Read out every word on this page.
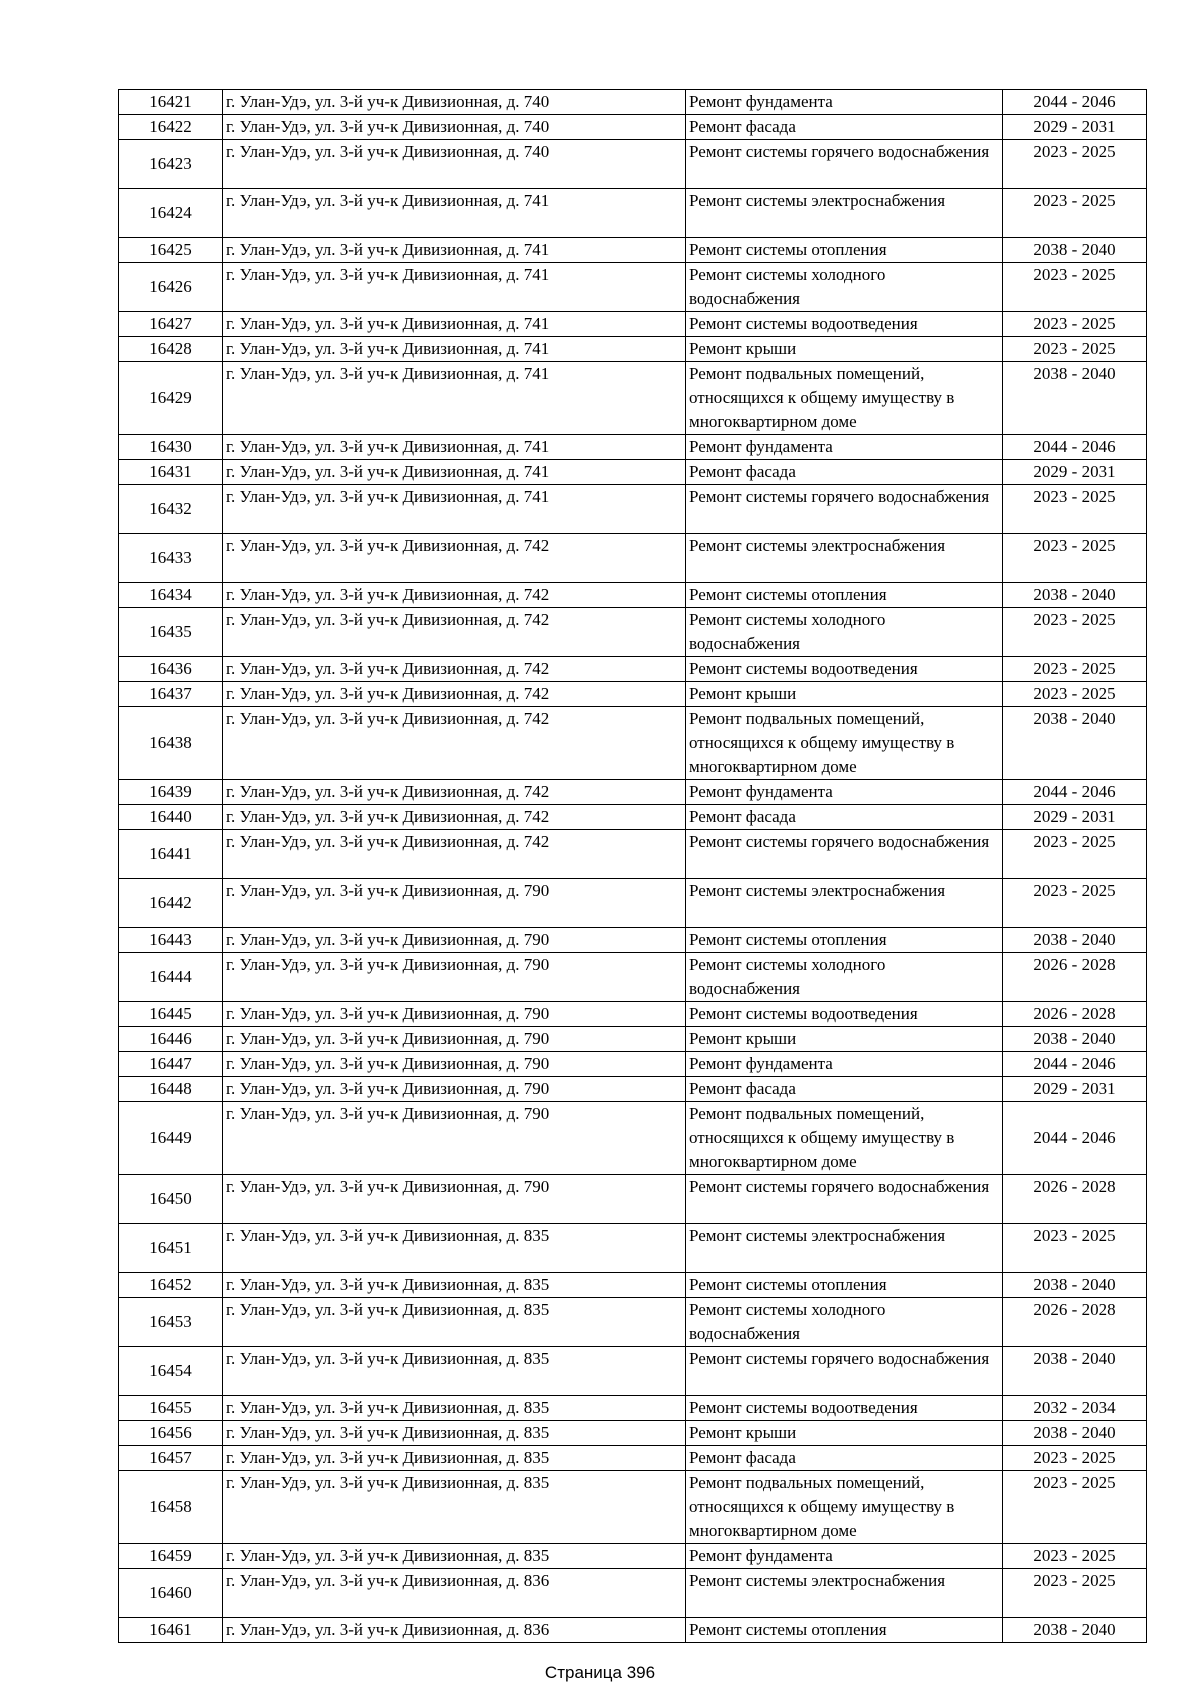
16421	г. Улан-Удэ, ул. 3-й уч-к Дивизионная, д. 740	Ремонт фундамента	2044 - 2046
16422	г. Улан-Удэ, ул. 3-й уч-к Дивизионная, д. 740	Ремонт фасада	2029 - 2031
16423	г. Улан-Удэ, ул. 3-й уч-к Дивизионная, д. 740	Ремонт системы горячего водоснабжения	2023 - 2025
16424	г. Улан-Удэ, ул. 3-й уч-к Дивизионная, д. 741	Ремонт системы электроснабжения	2023 - 2025
16425	г. Улан-Удэ, ул. 3-й уч-к Дивизионная, д. 741	Ремонт системы отопления	2038 - 2040
16426	г. Улан-Удэ, ул. 3-й уч-к Дивизионная, д. 741	Ремонт системы холодного водоснабжения	2023 - 2025
16427	г. Улан-Удэ, ул. 3-й уч-к Дивизионная, д. 741	Ремонт системы водоотведения	2023 - 2025
16428	г. Улан-Удэ, ул. 3-й уч-к Дивизионная, д. 741	Ремонт крыши	2023 - 2025
16429	г. Улан-Удэ, ул. 3-й уч-к Дивизионная, д. 741	Ремонт подвальных помещений, относящихся к общему имуществу в многоквартирном доме	2038 - 2040
16430	г. Улан-Удэ, ул. 3-й уч-к Дивизионная, д. 741	Ремонт фундамента	2044 - 2046
16431	г. Улан-Удэ, ул. 3-й уч-к Дивизионная, д. 741	Ремонт фасада	2029 - 2031
16432	г. Улан-Удэ, ул. 3-й уч-к Дивизионная, д. 741	Ремонт системы горячего водоснабжения	2023 - 2025
16433	г. Улан-Удэ, ул. 3-й уч-к Дивизионная, д. 742	Ремонт системы электроснабжения	2023 - 2025
16434	г. Улан-Удэ, ул. 3-й уч-к Дивизионная, д. 742	Ремонт системы отопления	2038 - 2040
16435	г. Улан-Удэ, ул. 3-й уч-к Дивизионная, д. 742	Ремонт системы холодного водоснабжения	2023 - 2025
16436	г. Улан-Удэ, ул. 3-й уч-к Дивизионная, д. 742	Ремонт системы водоотведения	2023 - 2025
16437	г. Улан-Удэ, ул. 3-й уч-к Дивизионная, д. 742	Ремонт крыши	2023 - 2025
16438	г. Улан-Удэ, ул. 3-й уч-к Дивизионная, д. 742	Ремонт подвальных помещений, относящихся к общему имуществу в многоквартирном доме	2038 - 2040
16439	г. Улан-Удэ, ул. 3-й уч-к Дивизионная, д. 742	Ремонт фундамента	2044 - 2046
16440	г. Улан-Удэ, ул. 3-й уч-к Дивизионная, д. 742	Ремонт фасада	2029 - 2031
16441	г. Улан-Удэ, ул. 3-й уч-к Дивизионная, д. 742	Ремонт системы горячего водоснабжения	2023 - 2025
16442	г. Улан-Удэ, ул. 3-й уч-к Дивизионная, д. 790	Ремонт системы электроснабжения	2023 - 2025
16443	г. Улан-Удэ, ул. 3-й уч-к Дивизионная, д. 790	Ремонт системы отопления	2038 - 2040
16444	г. Улан-Удэ, ул. 3-й уч-к Дивизионная, д. 790	Ремонт системы холодного водоснабжения	2026 - 2028
16445	г. Улан-Удэ, ул. 3-й уч-к Дивизионная, д. 790	Ремонт системы водоотведения	2026 - 2028
16446	г. Улан-Удэ, ул. 3-й уч-к Дивизионная, д. 790	Ремонт крыши	2038 - 2040
16447	г. Улан-Удэ, ул. 3-й уч-к Дивизионная, д. 790	Ремонт фундамента	2044 - 2046
16448	г. Улан-Удэ, ул. 3-й уч-к Дивизионная, д. 790	Ремонт фасада	2029 - 2031
16449	г. Улан-Удэ, ул. 3-й уч-к Дивизионная, д. 790	Ремонт подвальных помещений, относящихся к общему имуществу в многоквартирном доме	2044 - 2046
16450	г. Улан-Удэ, ул. 3-й уч-к Дивизионная, д. 790	Ремонт системы горячего водоснабжения	2026 - 2028
16451	г. Улан-Удэ, ул. 3-й уч-к Дивизионная, д. 835	Ремонт системы электроснабжения	2023 - 2025
16452	г. Улан-Удэ, ул. 3-й уч-к Дивизионная, д. 835	Ремонт системы отопления	2038 - 2040
16453	г. Улан-Удэ, ул. 3-й уч-к Дивизионная, д. 835	Ремонт системы холодного водоснабжения	2026 - 2028
16454	г. Улан-Удэ, ул. 3-й уч-к Дивизионная, д. 835	Ремонт системы горячего водоснабжения	2038 - 2040
16455	г. Улан-Удэ, ул. 3-й уч-к Дивизионная, д. 835	Ремонт системы водоотведения	2032 - 2034
16456	г. Улан-Удэ, ул. 3-й уч-к Дивизионная, д. 835	Ремонт крыши	2038 - 2040
16457	г. Улан-Удэ, ул. 3-й уч-к Дивизионная, д. 835	Ремонт фасада	2023 - 2025
16458	г. Улан-Удэ, ул. 3-й уч-к Дивизионная, д. 835	Ремонт подвальных помещений, относящихся к общему имуществу в многоквартирном доме	2023 - 2025
16459	г. Улан-Удэ, ул. 3-й уч-к Дивизионная, д. 835	Ремонт фундамента	2023 - 2025
16460	г. Улан-Удэ, ул. 3-й уч-к Дивизионная, д. 836	Ремонт системы электроснабжения	2023 - 2025
16461	г. Улан-Удэ, ул. 3-й уч-к Дивизионная, д. 836	Ремонт системы отопления	2038 - 2040
Страница 396
